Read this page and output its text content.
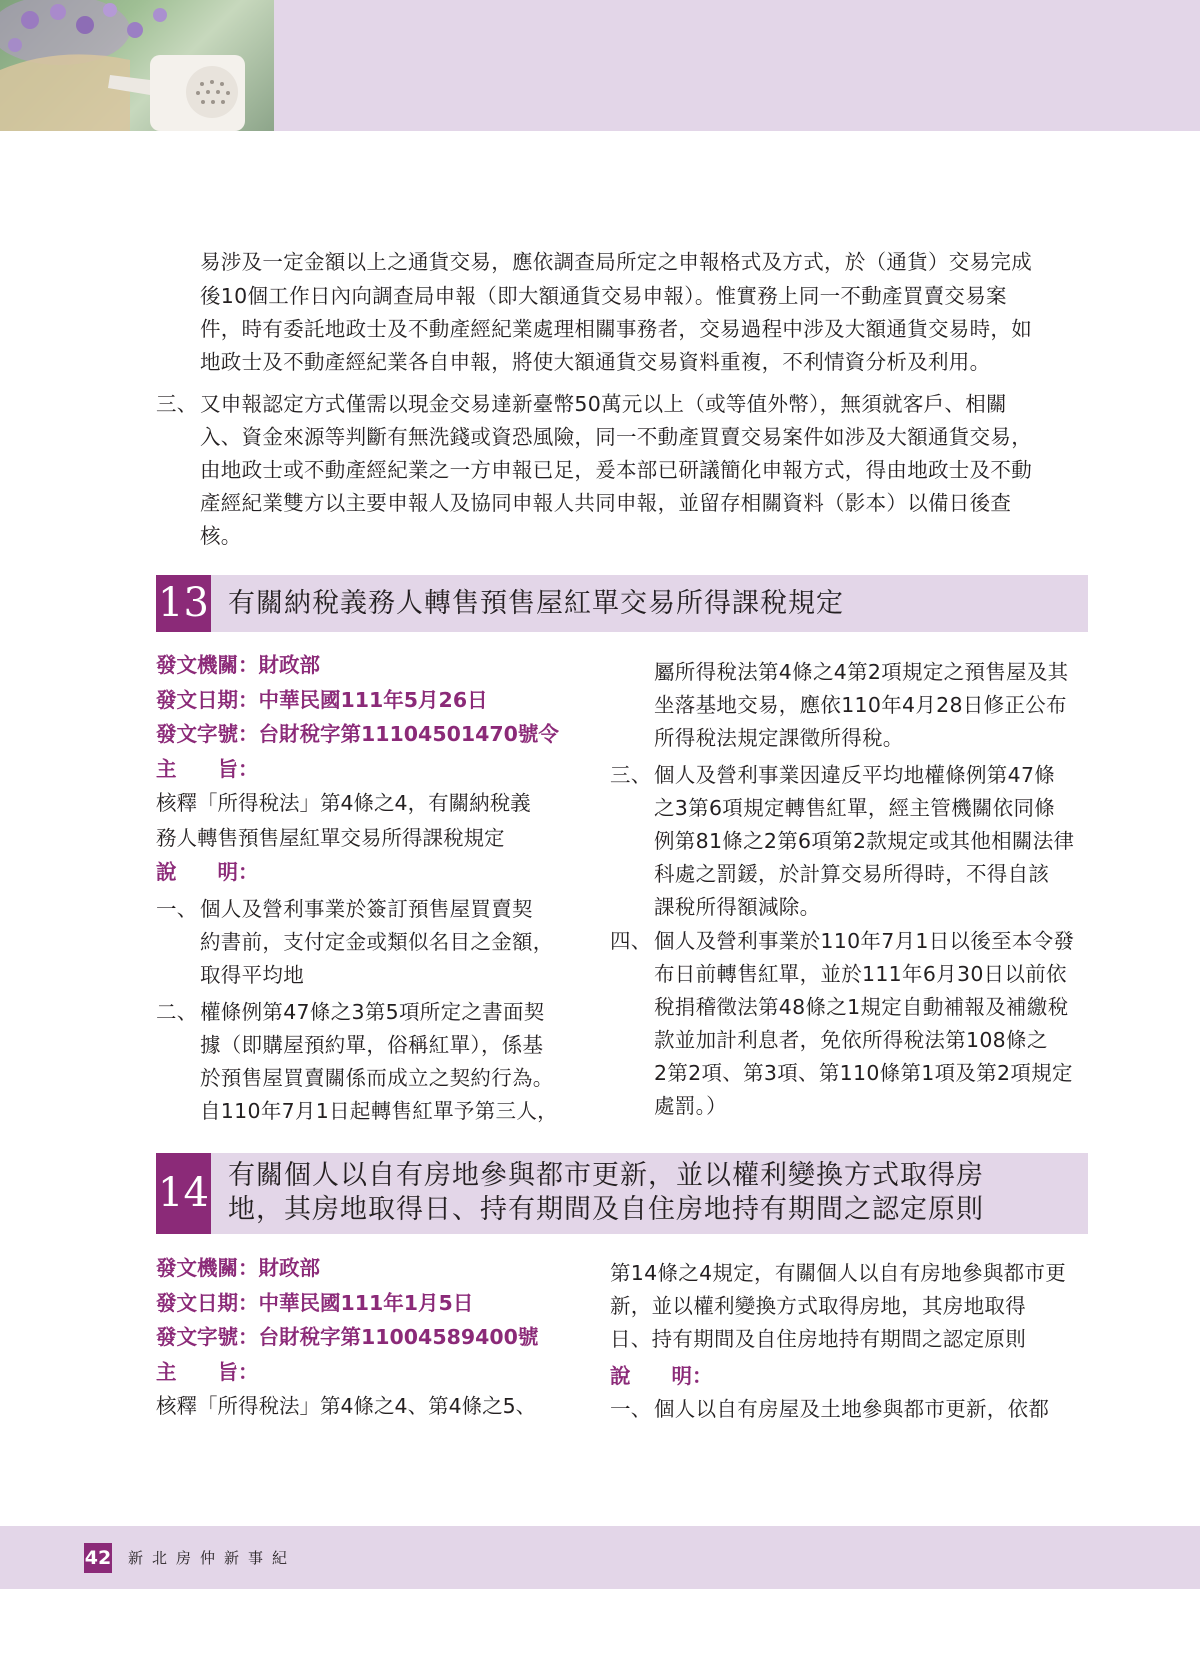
易涉及一定金額以上之通貨交易，應依調查局所定之申報格式及方式，於（通貨）交易完成
後10個工作日內向調查局申報（即大額通貨交易申報）。惟實務上同一不動產買賣交易案
件，時有委託地政士及不動產經紀業處理相關事務者，交易過程中涉及大額通貨交易時，如
地政士及不動產經紀業各自申報，將使大額通貨交易資料重複，不利情資分析及利用。
三、 又申報認定方式僅需以現金交易達新臺幣50萬元以上（或等值外幣），無須就客戶、相關
入、資金來源等判斷有無洗錢或資恐風險，同一不動產買賣交易案件如涉及大額通貨交易，
由地政士或不動產經紀業之一方申報已足，爰本部已研議簡化申報方式，得由地政士及不動
產經紀業雙方以主要申報人及協同申報人共同申報，並留存相關資料（影本）以備日後查
核。
13 有關納稅義務人轉售預售屋紅單交易所得課稅規定
發文機關：財政部
發文日期：中華民國111年5月26日
發文字號：台財稅字第11104501470號令
主　　旨：
核釋「所得稅法」第4條之4，有關納稅義
務人轉售預售屋紅單交易所得課稅規定
說　　明：
一、 個人及營利事業於簽訂預售屋買賣契
約書前，支付定金或類似名目之金額，
取得平均地
二、 權條例第47條之3第5項所定之書面契
據（即購屋預約單，俗稱紅單），係基
於預售屋買賣關係而成立之契約行為。
自110年7月1日起轉售紅單予第三人，
屬所得稅法第4條之4第2項規定之預售屋及其
坐落基地交易，應依110年4月28日修正公布
所得稅法規定課徵所得稅。
三、 個人及營利事業因違反平均地權條例第47條
之3第6項規定轉售紅單，經主管機關依同條
例第81條之2第6項第2款規定或其他相關法律
科處之罰鍰，於計算交易所得時，不得自該
課稅所得額減除。
四、 個人及營利事業於110年7月1日以後至本令發
布日前轉售紅單，並於111年6月30日以前依
稅捐稽徵法第48條之1規定自動補報及補繳稅
款並加計利息者，免依所得稅法第108條之
2第2項、第3項、第110條第1項及第2項規定
處罰。）
14 有關個人以自有房地參與都市更新，並以權利變換方式取得房
地，其房地取得日、持有期間及自住房地持有期間之認定原則
發文機關：財政部
發文日期：中華民國111年1月5日
發文字號：台財稅字第11004589400號
主　　旨：
核釋「所得稅法」第4條之4、第4條之5、
第14條之4規定，有關個人以自有房地參與都市更
新，並以權利變換方式取得房地，其房地取得
日、持有期間及自住房地持有期間之認定原則
說　　明：
一、 個人以自有房屋及土地參與都市更新，依都
42 新北房仲新事紀
